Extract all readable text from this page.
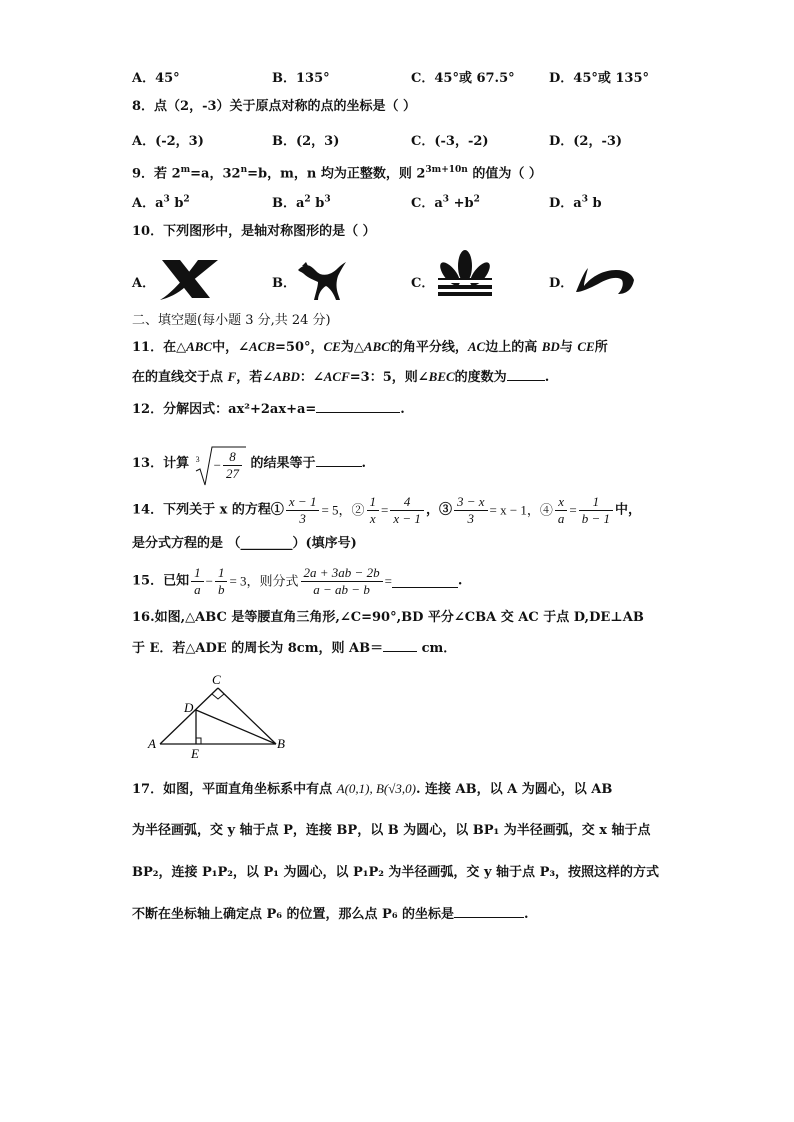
A．45°	B．135°	C．45°或 67.5°	D．45°或 135°
8．点（2，-3）关于原点对称的点的坐标是（ ）
A．(-2，3)	B．(2，3)	C．(-3，-2)	D．(2，-3)
9．若 $2^m=a$，$32^n=b$，m，n 均为正整数，则 $2^{3m+10n}$ 的值为（ ）
A．$a^3$ $b^2$	B．$a^2$ $b^3$	C．$a^3 +b^2$	D．$a^3$ b
10．下列图形中，是轴对称图形的是（ ）
A．	B．	C．	D．
二、填空题(每小题 3 分,共 24 分)
11．在△ABC中，∠ACB=50°，CE为△ABC的角平分线，AC边上的高 BD与 CE所
在的直线交于点 F，若∠ABD：∠ACF=3：5，则∠BEC的度数为	.
12．分解因式：ax²+2ax+a=	.
13．计算 $3 - \frac{8}{27}$ 的结果等于	.
14．下列关于 x 的方程① $\frac{x - 1}{3} = 5$，② $\frac{1}{x} = \frac{4}{x - 1}$ ，③ $\frac{3 - x}{3} = x - 1$，④ $\frac{x}{a} = \frac{1}{b - 1}$ 中，
是分式方程的是 （________）(填序号)
15．已知 $\frac{1}{a} - \frac{1}{b} = 3$，则分式 $\frac{2a + 3ab - 2b}{a - ab - b}$ =	.
16.如图,△ABC 是等腰直角三角形,∠C=90°,BD 平分∠CBA 交 AC 于点 D,DE⊥AB
于 E．若△ADE 的周长为 8cm，则 AB＝	cm．
C
D
A
E
B
17．如图，平面直角坐标系中有点 A(0,1), B(√3,0). 连接 AB，以 A 为圆心，以 AB
为半径画弧，交 y 轴于点 P，连接 BP，以 B 为圆心，以 BP₁ 为半径画弧，交 x 轴于点
BP₂，连接 P₁P₂，以 P₁ 为圆心，以 P₁P₂ 为半径画弧，交 y 轴于点 P₃，按照这样的方式
不断在坐标轴上确定点 P₆ 的位置，那么点 P₆ 的坐标是	.
